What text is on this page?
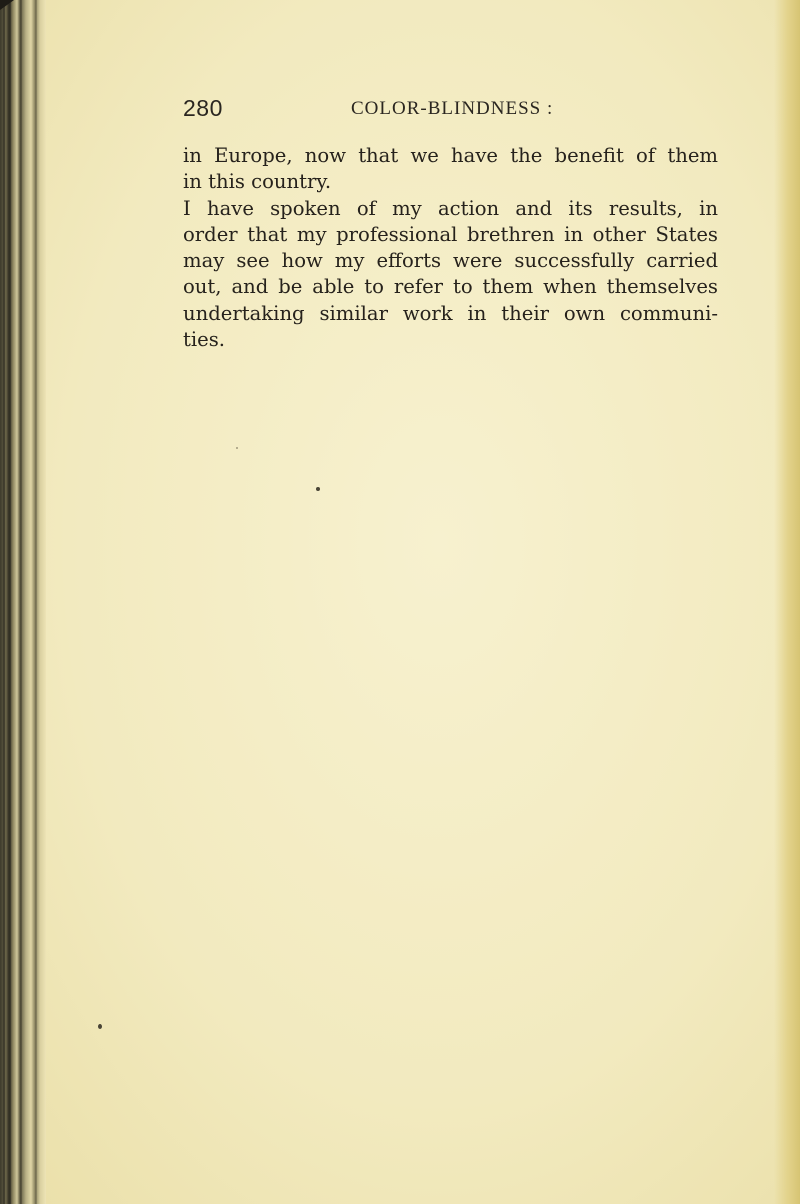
280	COLOR-BLINDNESS :
in Europe, now that we have the benefit of them
in this country.
I have spoken of my action and its results, in
order that my professional brethren in other States
may see how my efforts were successfully carried
out, and be able to refer to them when themselves
undertaking similar work in their own communi-
ties.
